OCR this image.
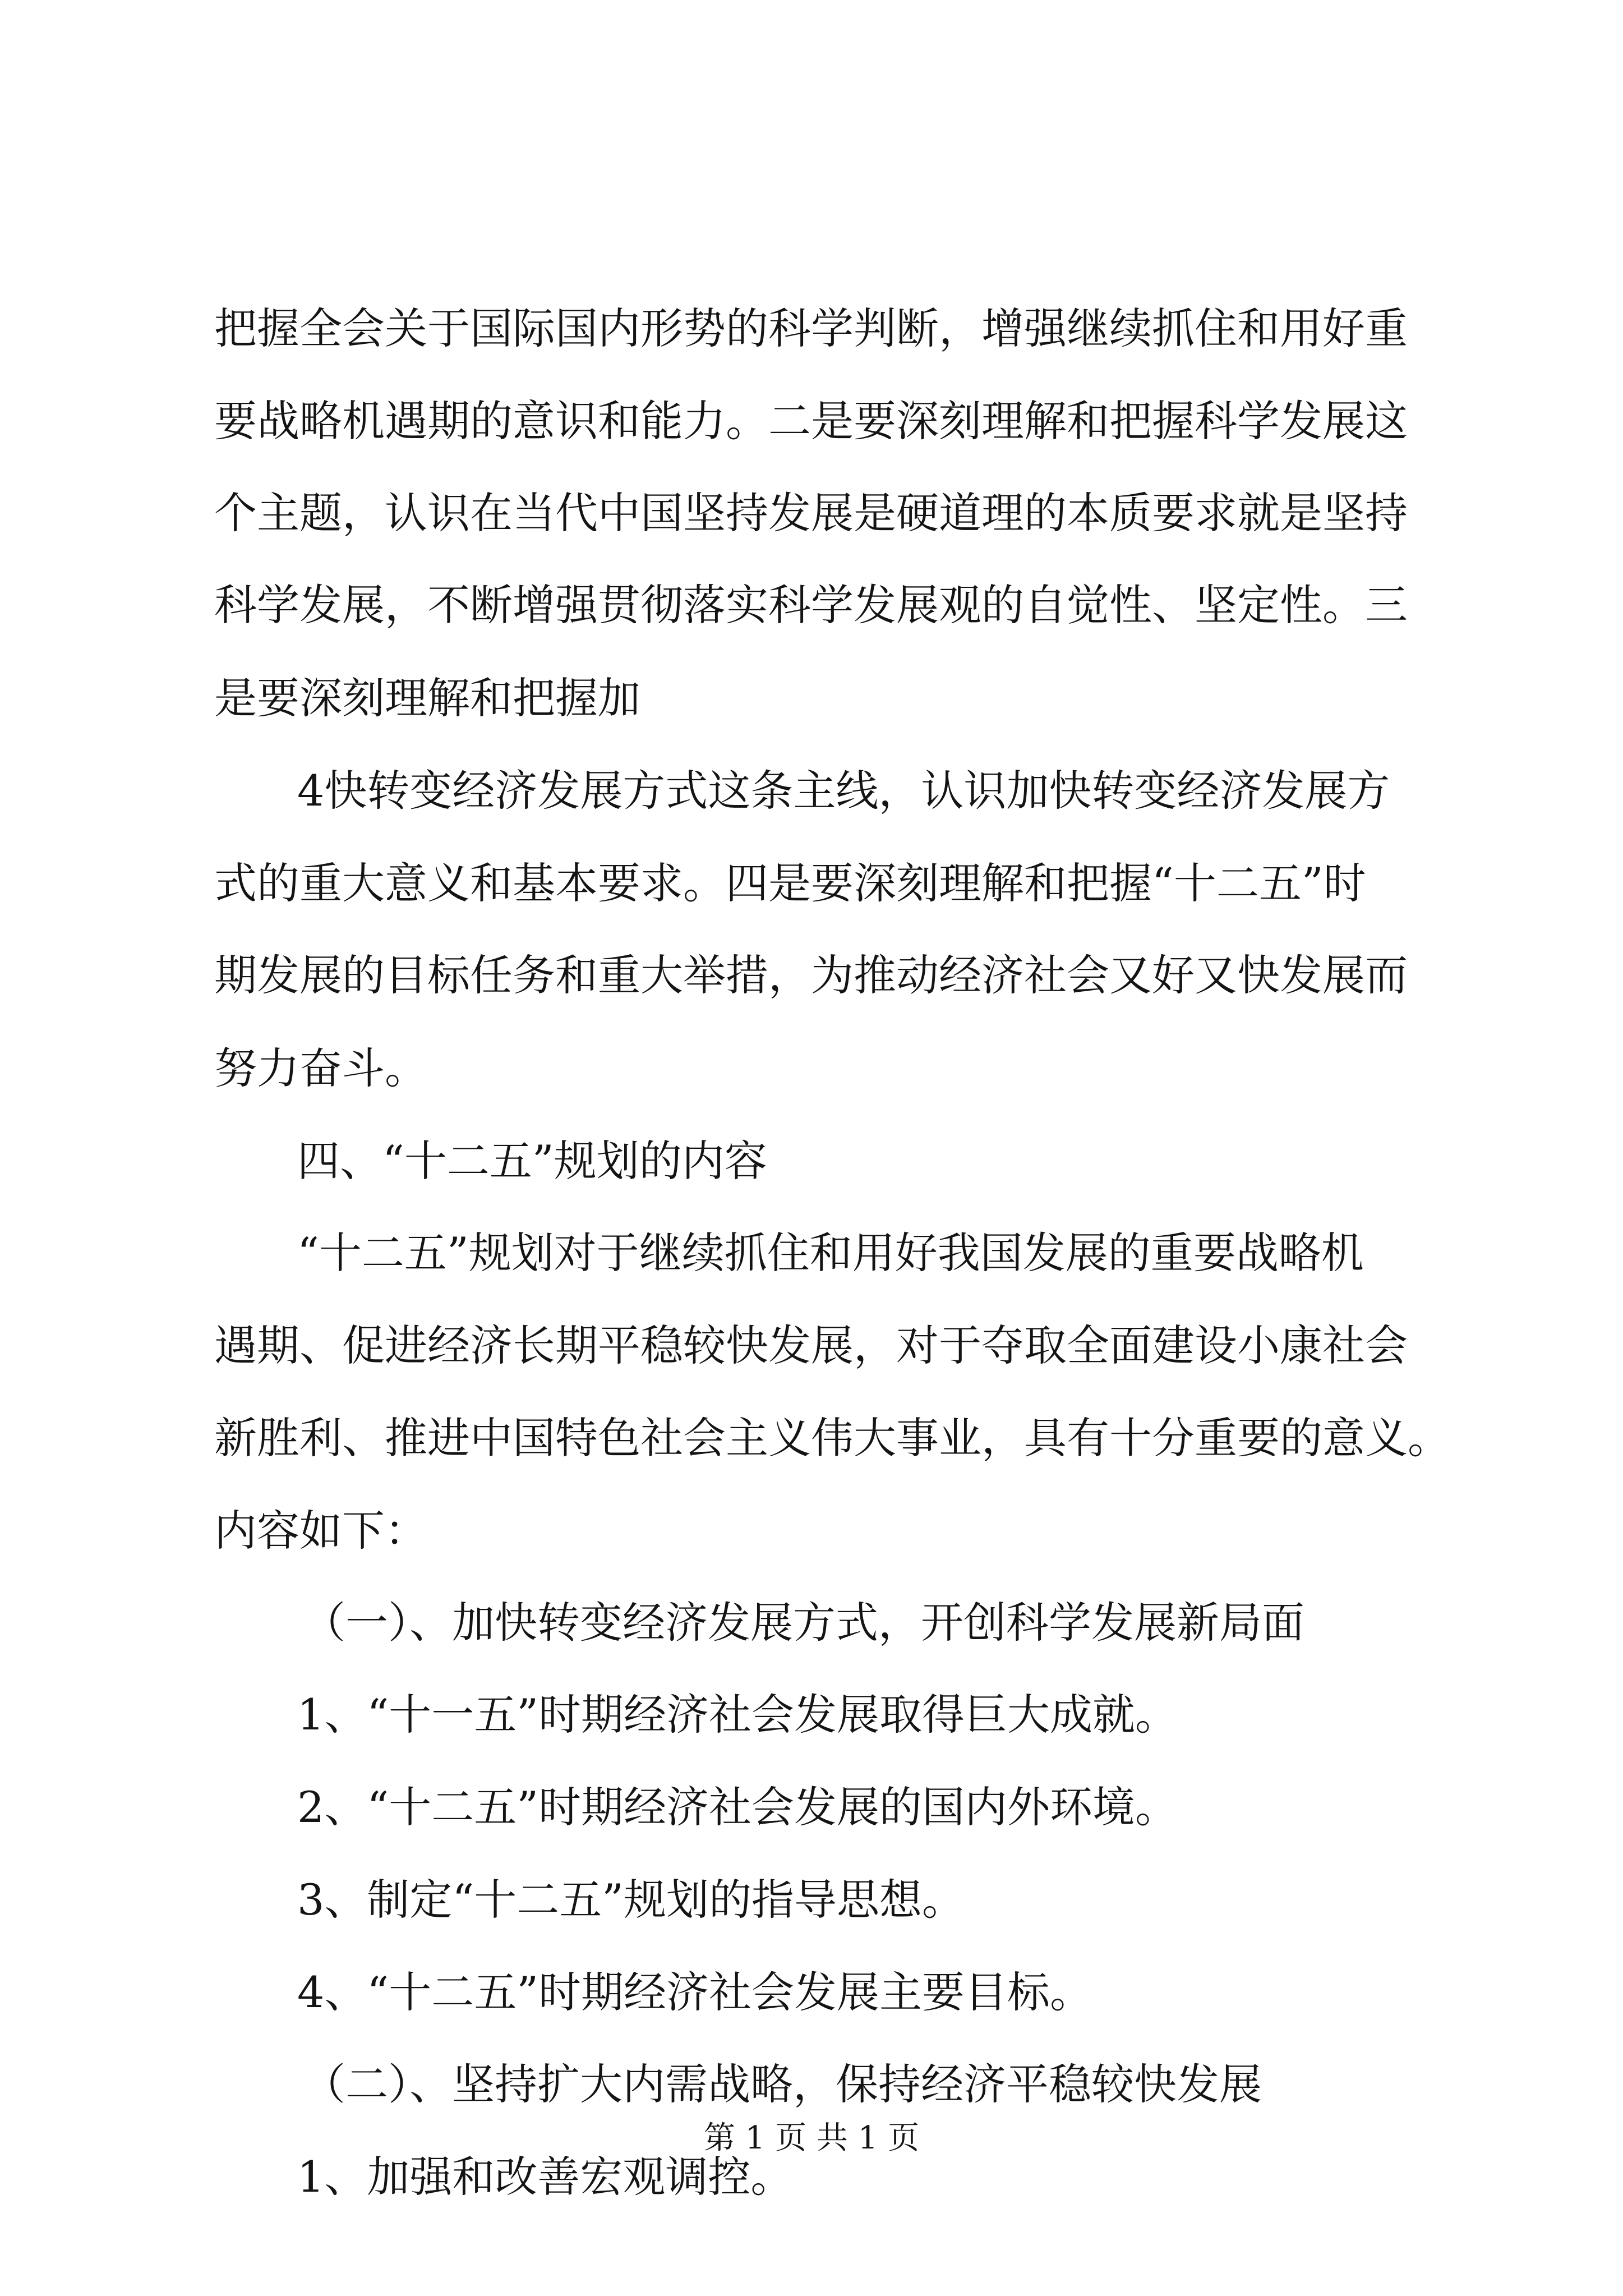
把握全会关于国际国内形势的科学判断，增强继续抓住和用好重

要战略机遇期的意识和能力。二是要深刻理解和把握科学发展这

个主题，认识在当代中国坚持发展是硬道理的本质要求就是坚持

科学发展，不断增强贯彻落实科学发展观的自觉性、坚定性。三

是要深刻理解和把握加

4快转变经济发展方式这条主线，认识加快转变经济发展方

式的重大意义和基本要求。四是要深刻理解和把握“十二五”时

期发展的目标任务和重大举措，为推动经济社会又好又快发展而

努力奋斗。

四、“十二五”规划的内容

“十二五”规划对于继续抓住和用好我国发展的重要战略机

遇期、促进经济长期平稳较快发展，对于夺取全面建设小康社会

新胜利、推进中国特色社会主义伟大事业，具有十分重要的意义。

内容如下：

（一）、加快转变经济发展方式，开创科学发展新局面

1、“十一五”时期经济社会发展取得巨大成就。

2、“十二五”时期经济社会发展的国内外环境。

3、制定“十二五”规划的指导思想。

4、“十二五”时期经济社会发展主要目标。

（二）、坚持扩大内需战略，保持经济平稳较快发展

1、加强和改善宏观调控。

第 1 页 共 1 页
